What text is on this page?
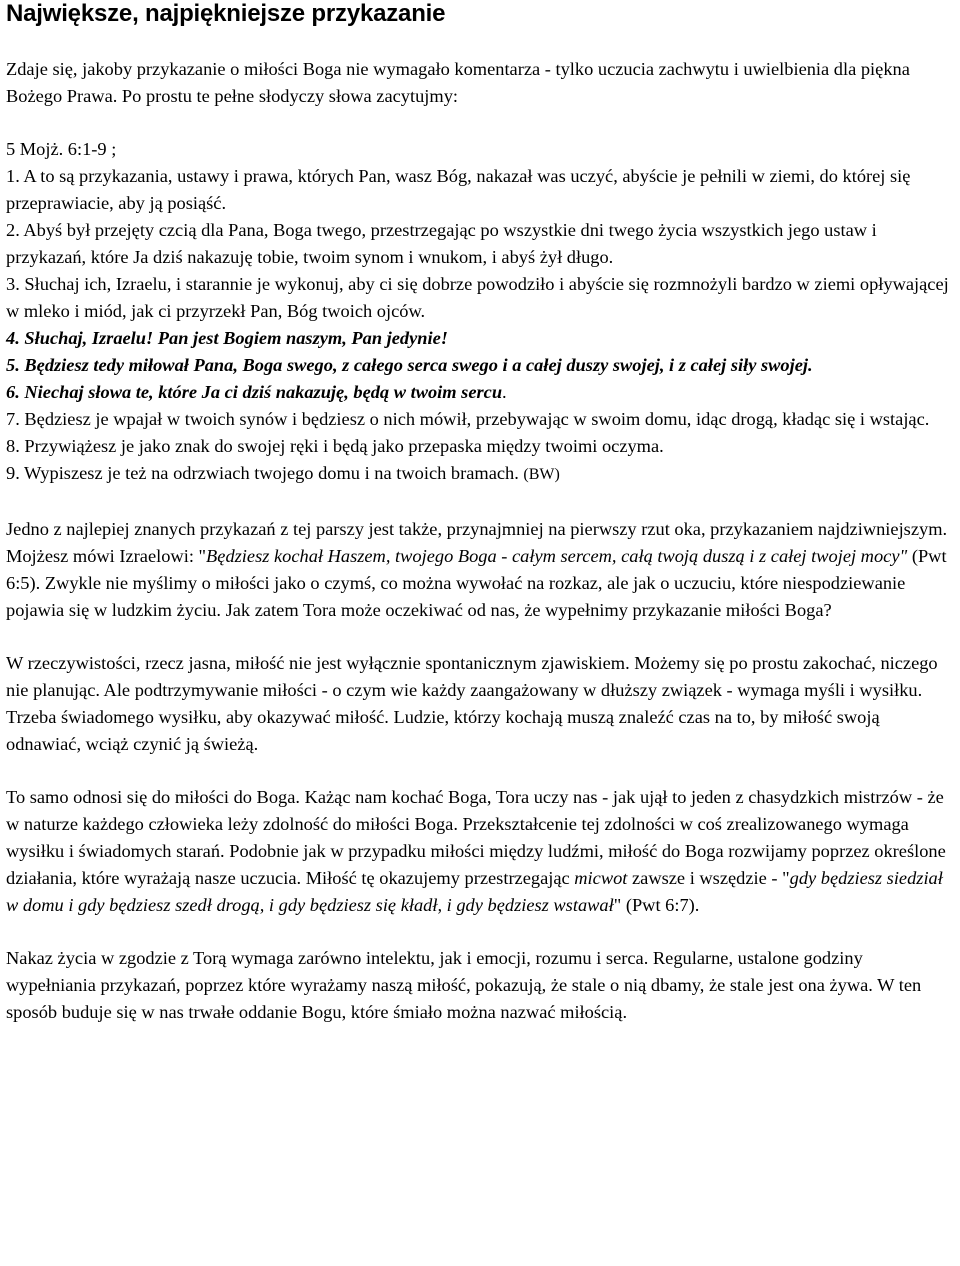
Największe, najpiękniejsze przykazanie

Zdaje się, jakoby przykazanie o miłości Boga nie wymagało komentarza - tylko uczucia zachwytu i uwielbienia dla piękna Bożego Prawa. Po prostu te pełne słodyczy słowa zacytujmy:

5 Mojż. 6:1-9 ;

1. A to są przykazania, ustawy i prawa, których Pan, wasz Bóg, nakazał was uczyć, abyście je pełnili w ziemi, do której się przeprawiacie, aby ją posiąść.

2. Abyś był przejęty czcią dla Pana, Boga twego, przestrzegając po wszystkie dni twego życia wszystkich jego ustaw i przykazań, które Ja dziś nakazuję tobie, twoim synom i wnukom, i abyś żył długo.

3. Słuchaj ich, Izraelu, i starannie je wykonuj, aby ci się dobrze powodziło i abyście się rozmnożyli bardzo w ziemi opływającej w mleko i miód, jak ci przyrzekł Pan, Bóg twoich ojców.

4. Słuchaj, Izraelu! Pan jest Bogiem naszym, Pan jedynie!

5. Będziesz tedy miłował Pana, Boga swego, z całego serca swego i a całej duszy swojej, i z całej siły swojej.

6. Niechaj słowa te, które Ja ci dziś nakazuję, będą w twoim sercu.

7. Będziesz je wpajał w twoich synów i będziesz o nich mówił, przebywając w swoim domu, idąc drogą, kładąc się i wstając.

8. Przywiążesz je jako znak do swojej ręki i będą jako przepaska między twoimi oczyma.

9. Wypiszesz je też na odrzwiach twojego domu i na twoich bramach. (BW)

Jedno z najlepiej znanych przykazań z tej parszy jest także, przynajmniej na pierwszy rzut oka, przykazaniem najdziwniejszym. Mojżesz mówi Izraelowi: "Będziesz kochał Haszem, twojego Boga - całym sercem, całą twoją duszą i z całej twojej mocy" (Pwt 6:5). Zwykle nie myślimy o miłości jako o czymś, co można wywołać na rozkaz, ale jak o uczuciu, które niespodziewanie pojawia się w ludzkim życiu. Jak zatem Tora może oczekiwać od nas, że wypełnimy przykazanie miłości Boga?

W rzeczywistości, rzecz jasna, miłość nie jest wyłącznie spontanicznym zjawiskiem. Możemy się po prostu zakochać, niczego nie planując. Ale podtrzymywanie miłości - o czym wie każdy zaangażowany w dłuższy związek - wymaga myśli i wysiłku. Trzeba świadomego wysiłku, aby okazywać miłość. Ludzie, którzy kochają muszą znaleźć czas na to, by miłość swoją odnawiać, wciąż czynić ją świeżą.

To samo odnosi się do miłości do Boga. Każąc nam kochać Boga, Tora uczy nas - jak ujął to jeden z chasydzkich mistrzów - że w naturze każdego człowieka leży zdolność do miłości Boga. Przekształcenie tej zdolności w coś zrealizowanego wymaga wysiłku i świadomych starań. Podobnie jak w przypadku miłości między ludźmi, miłość do Boga rozwijamy poprzez określone działania, które wyrażają nasze uczucia. Miłość tę okazujemy przestrzegając micwot zawsze i wszędzie - "gdy będziesz siedział w domu i gdy będziesz szedł drogą, i gdy będziesz się kładł, i gdy będziesz wstawał" (Pwt 6:7).

Nakaz życia w zgodzie z Torą wymaga zarówno intelektu, jak i emocji, rozumu i serca. Regularne, ustalone godziny wypełniania przykazań, poprzez które wyrażamy naszą miłość, pokazują, że stale o nią dbamy, że stale jest ona żywa. W ten sposób buduje się w nas trwałe oddanie Bogu, które śmiało można nazwać miłością.
